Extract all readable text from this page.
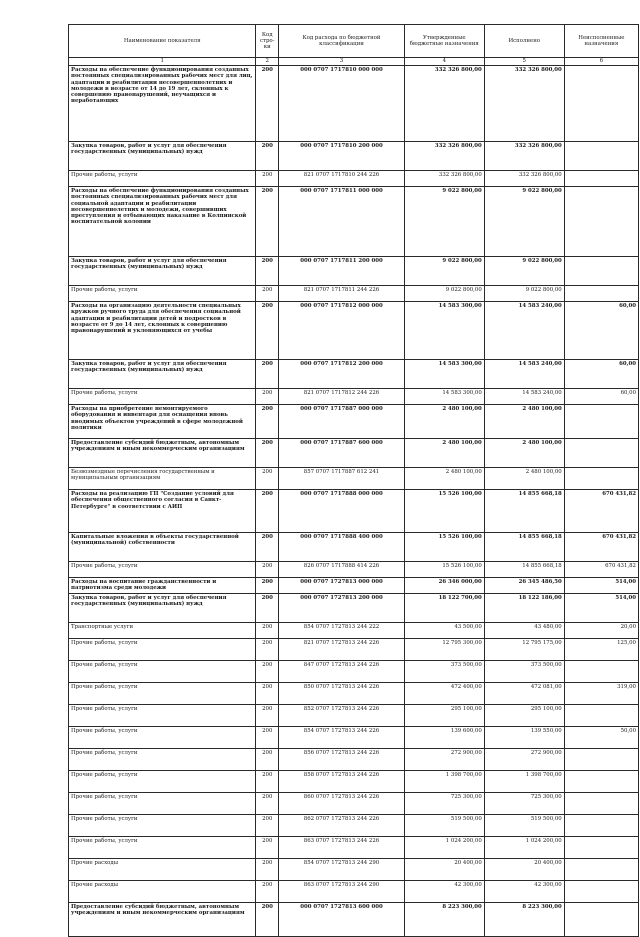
Наименование показателя	Код стро-ки	Код расхода по бюджетной классификации	Утвержденные бюджетные назначения	Исполнено	Неисполненные назначения
1	2	3	4	5	6
Расходы на обеспечение функционирования созданных постоянных специализированных рабочих мест для лиц, адаптации и реабилитации несовершеннолетних и молодежи в возрасте от 14 до 19 лет, склонных к совершению правонарушений, неучащихся и неработающих	200	000 0707 1717810 000 000	332 326 800,00	332 326 800,00	
Закупка товаров, работ и услуг для обеспечения государственных (муниципальных) нужд	200	000 0707 1717810 200 000	332 326 800,00	332 326 800,00	
Прочие работы, услуги	200	821 0707 1717810 244 226	332 326 800,00	332 326 800,00	
Расходы на обеспечение функционирования созданных постоянных специализированных рабочих мест для социальной адаптации и реабилитации несовершеннолетних и молодежи, совершивших преступления и отбывающих наказание в Колпинской воспитательной колонии	200	000 0707 1717811 000 000	9 022 800,00	9 022 800,00	
Закупка товаров, работ и услуг для обеспечения государственных (муниципальных) нужд	200	000 0707 1717811 200 000	9 022 800,00	9 022 800,00	
Прочие работы, услуги	200	821 0707 1717811 244 226	9 022 800,00	9 022 800,00	
Расходы на организацию деятельности специальных кружков ручного труда для обеспечения социальной адаптации и реабилитации детей и подростков в возрасте от 9 до 14 лет, склонных к совершению правонарушений и уклоняющихся от учебы	200	000 0707 1717812 000 000	14 583 300,00	14 583 240,00	60,00
Закупка товаров, работ и услуг для обеспечения государственных (муниципальных) нужд	200	000 0707 1717812 200 000	14 583 300,00	14 583 240,00	60,00
Прочие работы, услуги	200	821 0707 1717812 244 226	14 583 300,00	14 583 240,00	60,00
Расходы на приобретение немонтируемого оборудования и инвентаря для оснащения вновь вводимых объектов учреждений в сфере молодежной политики	200	000 0707 1717887 000 000	2 480 100,00	2 480 100,00	
Предоставление субсидий бюджетным, автономным учреждениям и иным некоммерческим организациям	200	000 0707 1717887 600 000	2 480 100,00	2 480 100,00	
Безвозмездные перечисления государственным и муниципальным организациям	200	857 0707 1717887 612 241	2 480 100,00	2 480 100,00	
Расходы на реализацию ГП "Создание условий для обеспечения общественного согласия в Санкт-Петербурге" в соответствии с АИП	200	000 0707 1717888 000 000	15 526 100,00	14 855 668,18	670 431,82
Капитальные вложения в объекты государственной (муниципальной) собственности	200	000 0707 1717888 400 000	15 526 100,00	14 855 668,18	670 431,82
Прочие работы, услуги	200	826 0707 1717888 414 226	15 526 100,00	14 855 668,18	670 431,82
Расходы на воспитание гражданственности и патриотизма среди молодежи	200	000 0707 1727813 000 000	26 346 000,00	26 345 486,50	514,00
Закупка товаров, работ и услуг для обеспечения государственных (муниципальных) нужд	200	000 0707 1727813 200 000	18 122 700,00	18 122 186,00	514,00
Транспортные услуги	200	854 0707 1727813 244 222	43 500,00	43 480,00	20,00
Прочие работы, услуги	200	821 0707 1727813 244 226	12 795 300,00	12 795 175,00	125,00
Прочие работы, услуги	200	847 0707 1727813 244 226	373 500,00	373 500,00	
Прочие работы, услуги	200	850 0707 1727813 244 226	472 400,00	472 081,00	319,00
Прочие работы, услуги	200	852 0707 1727813 244 226	295 100,00	295 100,00	
Прочие работы, услуги	200	854 0707 1727813 244 226	139 600,00	139 550,00	50,00
Прочие работы, услуги	200	856 0707 1727813 244 226	272 900,00	272 900,00	
Прочие работы, услуги	200	858 0707 1727813 244 226	1 398 700,00	1 398 700,00	
Прочие работы, услуги	200	860 0707 1727813 244 226	725 300,00	725 300,00	
Прочие работы, услуги	200	862 0707 1727813 244 226	519 500,00	519 500,00	
Прочие работы, услуги	200	863 0707 1727813 244 226	1 024 200,00	1 024 200,00	
Прочие расходы	200	854 0707 1727813 244 290	20 400,00	20 400,00	
Прочие расходы	200	863 0707 1727813 244 290	42 300,00	42 300,00	
Предоставление субсидий бюджетным, автономным учреждениям и иным некоммерческим организациям	200	000 0707 1727813 600 000	8 223 300,00	8 223 300,00	
